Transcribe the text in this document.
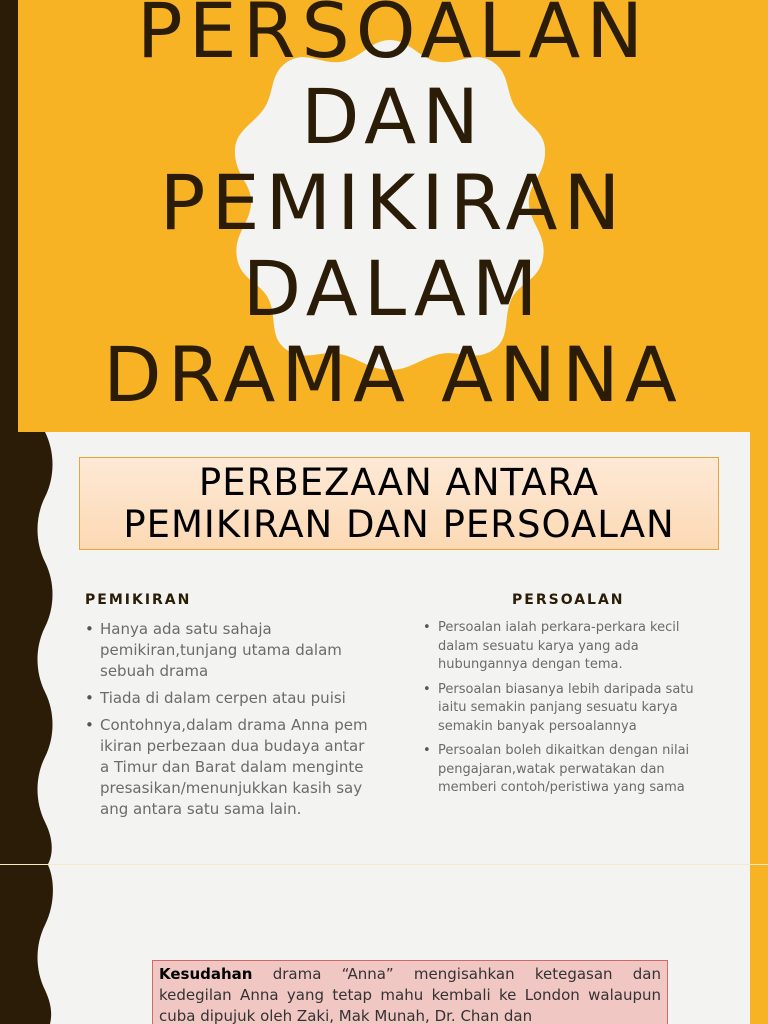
PERSOALAN
DAN
PEMIKIRAN
DALAM
DRAMA ANNA
PERBEZAAN ANTARA
PEMIKIRAN DAN PERSOALAN
PEMIKIRAN
• Hanya ada satu sahaja pemikiran,tunjang utama dalam sebuah drama
• Tiada di dalam cerpen atau puisi
• Contohnya,dalam drama Anna pemikiran perbezaan dua budaya antara Timur dan Barat dalam mengintepresasikan/menunjukkan kasih sayang antara satu sama lain.
PERSOALAN
• Persoalan ialah perkara-perkara kecil dalam sesuatu karya yang ada hubungannya dengan tema.
• Persoalan biasanya lebih daripada satu iaitu semakin panjang sesuatu karya semakin banyak persoalannya
• Persoalan boleh dikaitkan dengan nilai pengajaran,watak perwatakan dan memberi contoh/peristiwa yang sama
Kesudahan drama “Anna” mengisahkan ketegasan dan kedegilan Anna yang tetap mahu kembali ke London walaupun cuba dipujuk oleh Zaki, Mak Munah, Dr. Chan dan
